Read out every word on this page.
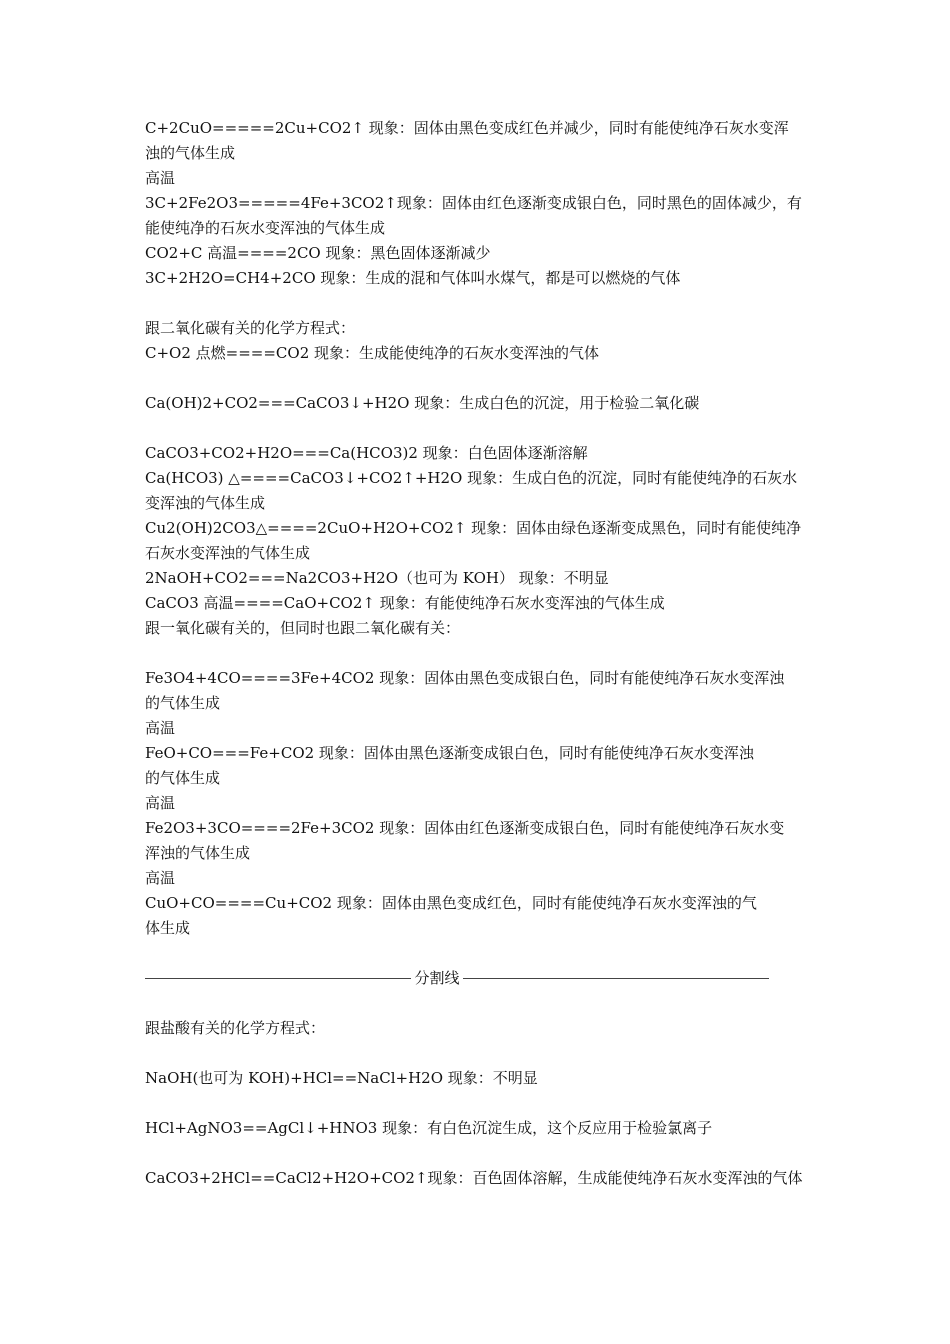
C+2CuO=====2Cu+CO2↑ 现象：固体由黑色变成红色并减少，同时有能使纯净石灰水变浑
浊的气体生成
高温
3C+2Fe2O3=====4Fe+3CO2↑现象：固体由红色逐渐变成银白色，同时黑色的固体减少，有
能使纯净的石灰水变浑浊的气体生成
CO2+C 高温====2CO 现象：黑色固体逐渐减少
3C+2H2O=CH4+2CO 现象：生成的混和气体叫水煤气，都是可以燃烧的气体
跟二氧化碳有关的化学方程式：
C+O2 点燃====CO2 现象：生成能使纯净的石灰水变浑浊的气体
Ca(OH)2+CO2===CaCO3↓+H2O 现象：生成白色的沉淀，用于检验二氧化碳
CaCO3+CO2+H2O===Ca(HCO3)2 现象：白色固体逐渐溶解
Ca(HCO3) △====CaCO3↓+CO2↑+H2O 现象：生成白色的沉淀，同时有能使纯净的石灰水
变浑浊的气体生成
Cu2(OH)2CO3△====2CuO+H2O+CO2↑ 现象：固体由绿色逐渐变成黑色，同时有能使纯净
石灰水变浑浊的气体生成
2NaOH+CO2===Na2CO3+H2O（也可为 KOH） 现象：不明显
CaCO3 高温====CaO+CO2↑ 现象：有能使纯净石灰水变浑浊的气体生成
跟一氧化碳有关的，但同时也跟二氧化碳有关：
Fe3O4+4CO====3Fe+4CO2 现象：固体由黑色变成银白色，同时有能使纯净石灰水变浑浊
的气体生成
高温
FeO+CO===Fe+CO2 现象：固体由黑色逐渐变成银白色，同时有能使纯净石灰水变浑浊
的气体生成
高温
Fe2O3+3CO====2Fe+3CO2 现象：固体由红色逐渐变成银白色，同时有能使纯净石灰水变
浑浊的气体生成
高温
CuO+CO====Cu+CO2 现象：固体由黑色变成红色，同时有能使纯净石灰水变浑浊的气
体生成
分割线
跟盐酸有关的化学方程式：
NaOH(也可为 KOH)+HCl==NaCl+H2O 现象：不明显
HCl+AgNO3==AgCl↓+HNO3 现象：有白色沉淀生成，这个反应用于检验氯离子
CaCO3+2HCl==CaCl2+H2O+CO2↑现象：百色固体溶解，生成能使纯净石灰水变浑浊的气体
